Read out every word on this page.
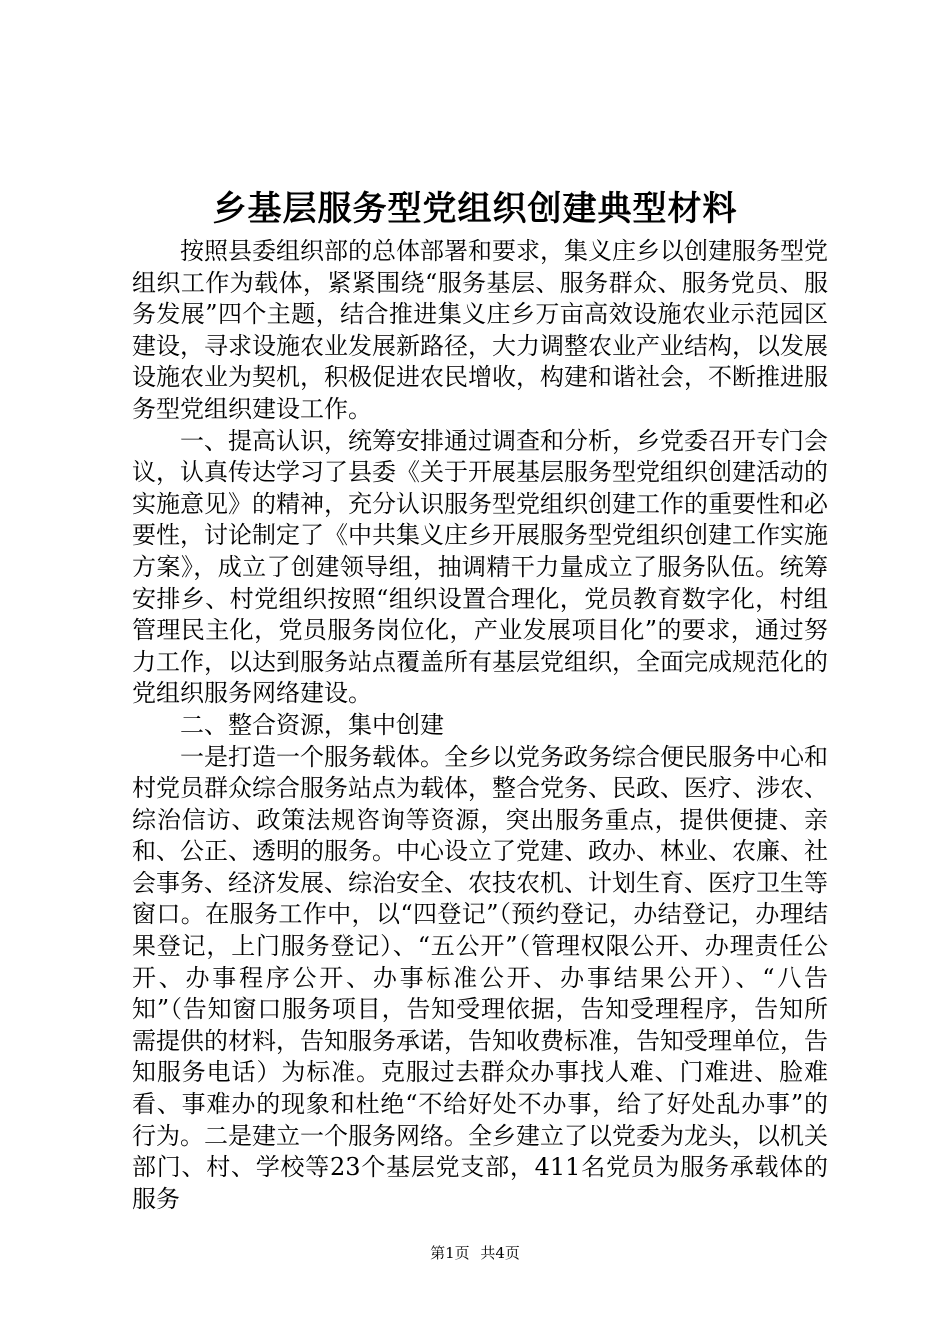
乡基层服务型党组织创建典型材料

按照县委组织部的总体部署和要求，集义庄乡以创建服务型党组织工作为载体，紧紧围绕“服务基层、服务群众、服务党员、服务发展”四个主题，结合推进集义庄乡万亩高效设施农业示范园区建设，寻求设施农业发展新路径，大力调整农业产业结构，以发展设施农业为契机，积极促进农民增收，构建和谐社会，不断推进服务型党组织建设工作。

一、提高认识，统筹安排通过调查和分析，乡党委召开专门会议，认真传达学习了县委《关于开展基层服务型党组织创建活动的实施意见》的精神，充分认识服务型党组织创建工作的重要性和必要性，讨论制定了《中共集义庄乡开展服务型党组织创建工作实施方案》，成立了创建领导组，抽调精干力量成立了服务队伍。统筹安排乡、村党组织按照“组织设置合理化，党员教育数字化，村组管理民主化，党员服务岗位化，产业发展项目化”的要求，通过努力工作，以达到服务站点覆盖所有基层党组织，全面完成规范化的党组织服务网络建设。

二、整合资源，集中创建

一是打造一个服务载体。全乡以党务政务综合便民服务中心和村党员群众综合服务站点为载体，整合党务、民政、医疗、涉农、综治信访、政策法规咨询等资源，突出服务重点，提供便捷、亲和、公正、透明的服务。中心设立了党建、政办、林业、农廉、社会事务、经济发展、综治安全、农技农机、计划生育、医疗卫生等窗口。在服务工作中，以“四登记”（预约登记，办结登记，办理结果登记，上门服务登记）、“五公开”（管理权限公开、办理责任公开、办事程序公开、办事标准公开、办事结果公开）、“八告知”（告知窗口服务项目，告知受理依据，告知受理程序，告知所需提供的材料，告知服务承诺，告知收费标准，告知受理单位，告知服务电话）为标准。克服过去群众办事找人难、门难进、脸难看、事难办的现象和杜绝“不给好处不办事，给了好处乱办事”的行为。二是建立一个服务网络。全乡建立了以党委为龙头，以机关部门、村、学校等23个基层党支部，411名党员为服务承载体的服务

第1页 共4页
